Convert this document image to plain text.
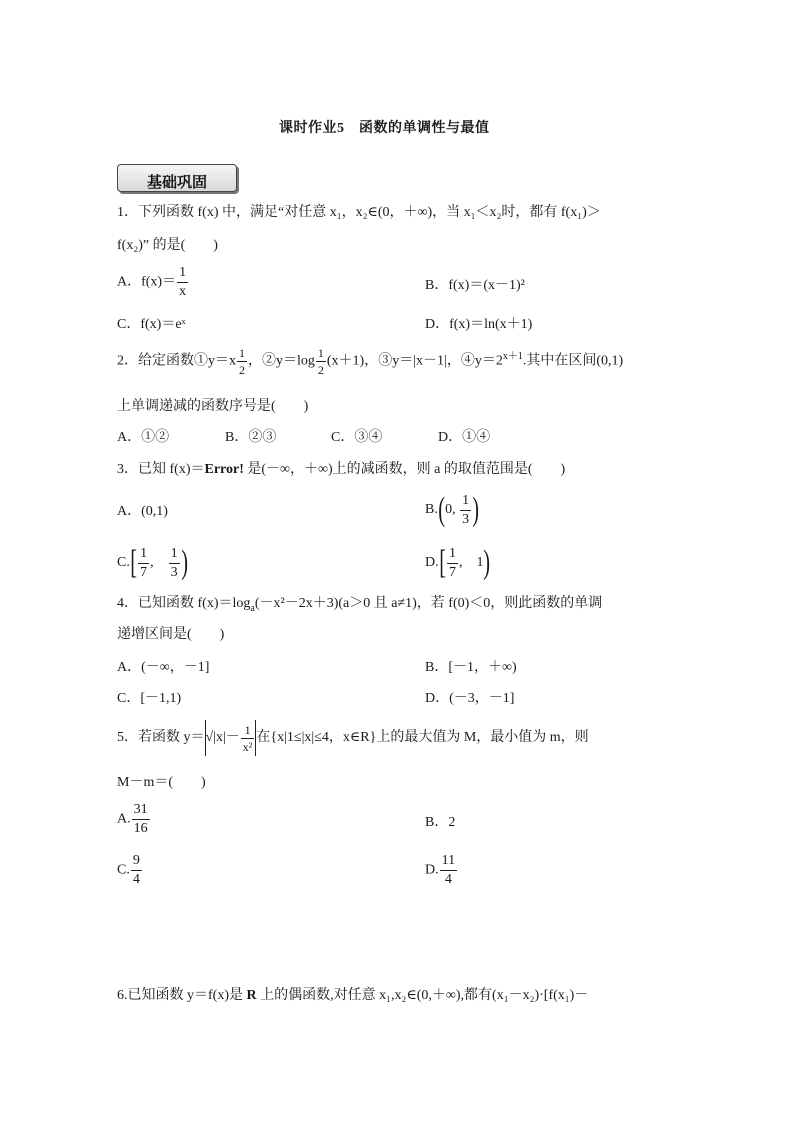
课时作业5　函数的单调性与最值
基础巩固
1．下列函数 f(x) 中，满足“对任意 x₁，x₂∈(0，＋∞)，当 x₁＜x₂时，都有 f(x₁)＞
f(x₂)” 的是(　　)
A．$f(x)= \frac{1}{x}$	B．f(x)＝(x－1)²
C．f(x)＝eˣ	D．f(x)＝ln(x＋1)
2．给定函数①y＝x $\frac{1}{2}$ ，②y＝log $\frac{1}{2} (x+1)$，③y＝|x－1|，$④y=2^{x+1}$.其中在区间(0,1)
上单调递减的函数序号是(　　)
A．①②	B．②③	C．③④	D．①④
3．已知 f(x)＝Error! 是(－∞，＋∞)上的减函数，则 a 的取值范围是(　　)
A．(0,1)	B.(0, $\frac{1}{3}$ )
$C.[ \frac{1}{7}$ ,　 $\frac{1}{3}$ )	$D.[ \frac{1}{7}$ ,　1)
4．已知函数 $f(x)=\log_a(-x^2-2x+3)(a>0$ 且 a≠1)，若 f(0)＜0，则此函数的单调
递增区间是(　　)
A．(－∞，－1]	B．[－1，＋∞)
C．[－1,1)	D．(－3，－1]
5．若函数 $y=√|x|- \frac{1}{\text{x²}}$ 在{x|1≤|x|≤4，x∈R}上的最大值为 M，最小值为 m，则
M－m＝(　　)
A. $\frac{31}{16}$	B．2
C. $\frac{9}{4}$	D. $\frac{11}{4}$
6.已知函数 y＝f(x)是 R 上的偶函数,对任意 x₁,x₂∈(0,＋∞),都有(x₁－x₂)·[f(x₁)－
